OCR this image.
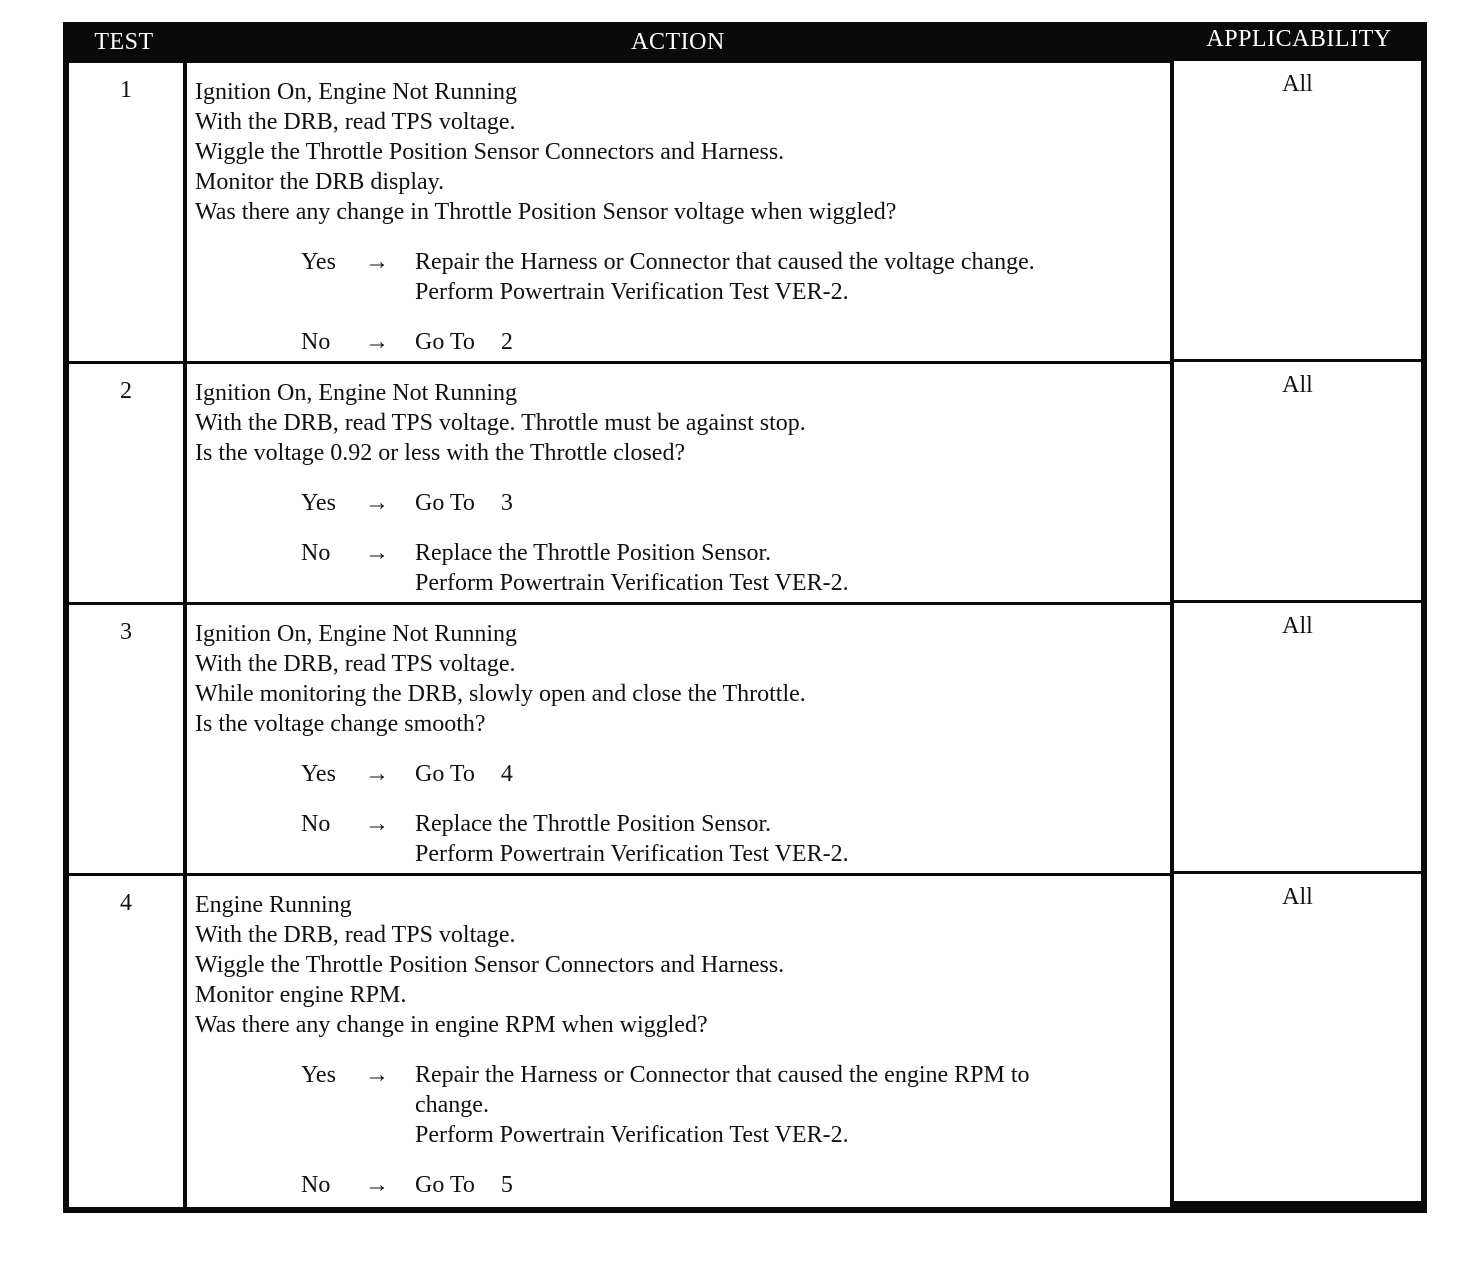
TEST	ACTION	APPLICABILITY
1	Ignition On, Engine Not Running
With the DRB, read TPS voltage.
Wiggle the Throttle Position Sensor Connectors and Harness.
Monitor the DRB display.
Was there any change in Throttle Position Sensor voltage when wiggled?
Yes → Repair the Harness or Connector that caused the voltage change.
Perform Powertrain Verification Test VER-2.
No → Go To 2
All
2	Ignition On, Engine Not Running
With the DRB, read TPS voltage. Throttle must be against stop.
Is the voltage 0.92 or less with the Throttle closed?
Yes → Go To 3
No → Replace the Throttle Position Sensor.
Perform Powertrain Verification Test VER-2.
All
3	Ignition On, Engine Not Running
With the DRB, read TPS voltage.
While monitoring the DRB, slowly open and close the Throttle.
Is the voltage change smooth?
Yes → Go To 4
No → Replace the Throttle Position Sensor.
Perform Powertrain Verification Test VER-2.
All
4	Engine Running
With the DRB, read TPS voltage.
Wiggle the Throttle Position Sensor Connectors and Harness.
Monitor engine RPM.
Was there any change in engine RPM when wiggled?
Yes → Repair the Harness or Connector that caused the engine RPM to
change.
Perform Powertrain Verification Test VER-2.
No → Go To 5
All
